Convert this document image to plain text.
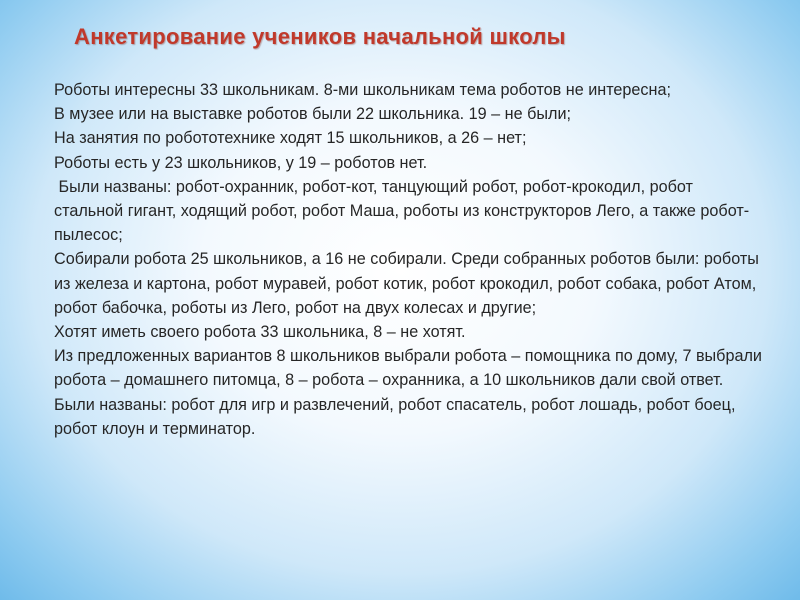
Анкетирование учеников начальной школы

Роботы интересны 33 школьникам. 8-ми школьникам тема роботов не интересна;

В музее или на выставке роботов были 22 школьника. 19 – не были;

На занятия по робототехнике ходят 15 школьников, а 26 – нет;

Роботы есть у 23 школьников, у 19 – роботов нет.

Были названы: робот-охранник, робот-кот, танцующий робот, робот-крокодил, робот стальной гигант, ходящий робот, робот Маша, роботы из конструкторов Лего, а также робот-пылесос;

Собирали робота 25 школьников, а 16 не собирали. Среди собранных роботов были: роботы из железа и картона, робот муравей, робот котик, робот крокодил, робот собака, робот Атом, робот бабочка, роботы из Лего, робот на двух колесах и другие;

Хотят иметь своего робота 33 школьника, 8 – не хотят.

Из предложенных вариантов 8 школьников выбрали робота – помощника по дому, 7 выбрали робота – домашнего питомца, 8 – робота – охранника, а 10 школьников дали свой ответ. Были названы: робот для игр и развлечений, робот спасатель, робот лошадь, робот боец, робот клоун и терминатор.
